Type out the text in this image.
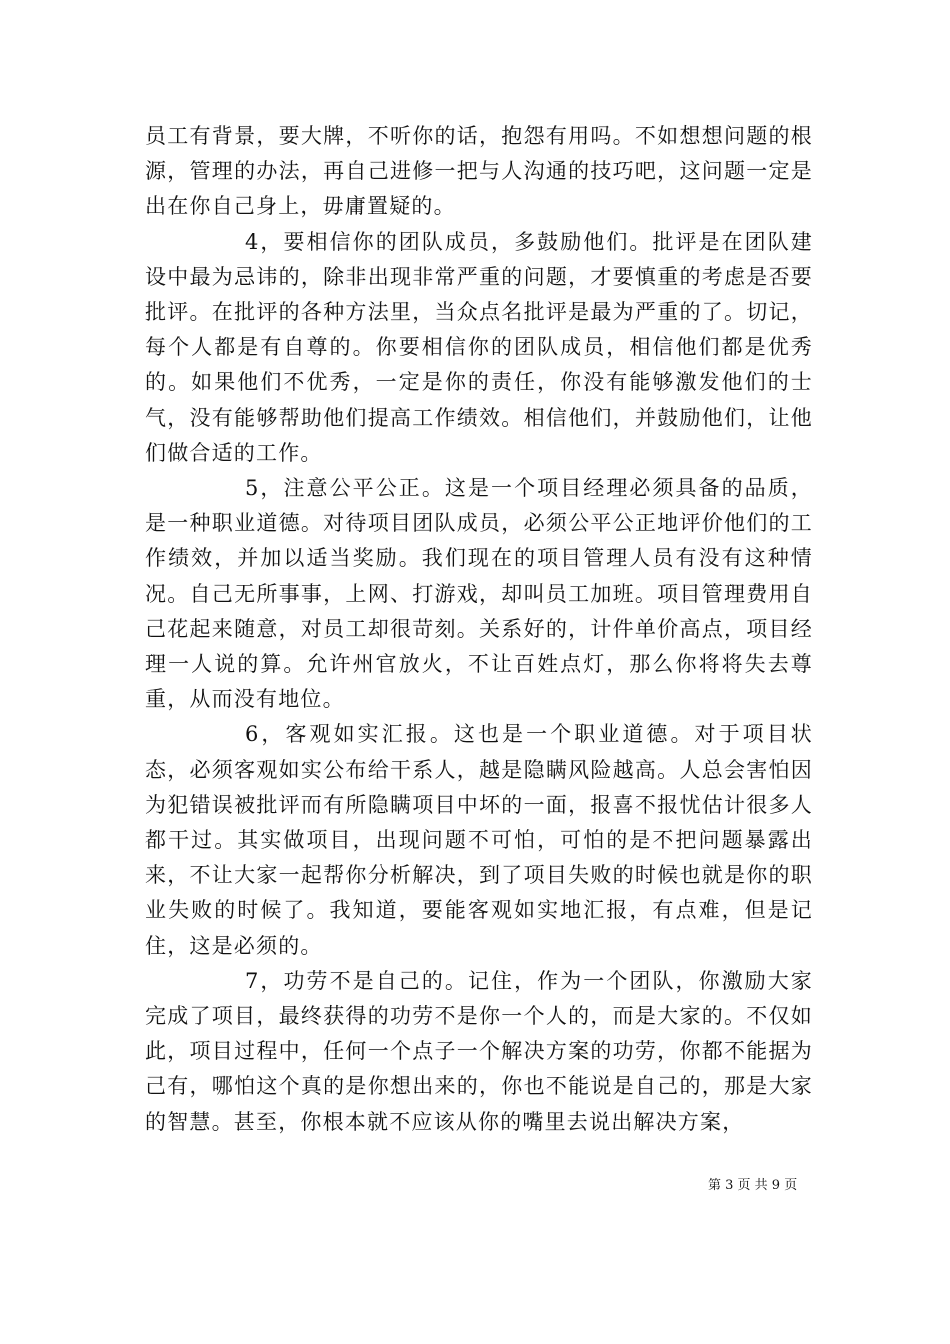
员工有背景，要大牌，不听你的话，抱怨有用吗。不如想想问题的根源，管理的办法，再自己进修一把与人沟通的技巧吧，这问题一定是出在你自己身上，毋庸置疑的。

4，要相信你的团队成员，多鼓励他们。批评是在团队建设中最为忌讳的，除非出现非常严重的问题，才要慎重的考虑是否要批评。在批评的各种方法里，当众点名批评是最为严重的了。切记，每个人都是有自尊的。你要相信你的团队成员，相信他们都是优秀的。如果他们不优秀，一定是你的责任，你没有能够激发他们的士气，没有能够帮助他们提高工作绩效。相信他们，并鼓励他们，让他们做合适的工作。

5，注意公平公正。这是一个项目经理必须具备的品质，是一种职业道德。对待项目团队成员，必须公平公正地评价他们的工作绩效，并加以适当奖励。我们现在的项目管理人员有没有这种情况。自己无所事事，上网、打游戏，却叫员工加班。项目管理费用自己花起来随意，对员工却很苛刻。关系好的，计件单价高点，项目经理一人说的算。允许州官放火，不让百姓点灯，那么你将将失去尊重，从而没有地位。

6，客观如实汇报。这也是一个职业道德。对于项目状态，必须客观如实公布给干系人，越是隐瞒风险越高。人总会害怕因为犯错误被批评而有所隐瞒项目中坏的一面，报喜不报忧估计很多人都干过。其实做项目，出现问题不可怕，可怕的是不把问题暴露出来，不让大家一起帮你分析解决，到了项目失败的时候也就是你的职业失败的时候了。我知道，要能客观如实地汇报，有点难，但是记住，这是必须的。

7，功劳不是自己的。记住，作为一个团队，你激励大家完成了项目，最终获得的功劳不是你一个人的，而是大家的。不仅如此，项目过程中，任何一个点子一个解决方案的功劳，你都不能据为己有，哪怕这个真的是你想出来的，你也不能说是自己的，那是大家的智慧。甚至，你根本就不应该从你的嘴里去说出解决方案，

第 3 页 共 9 页
